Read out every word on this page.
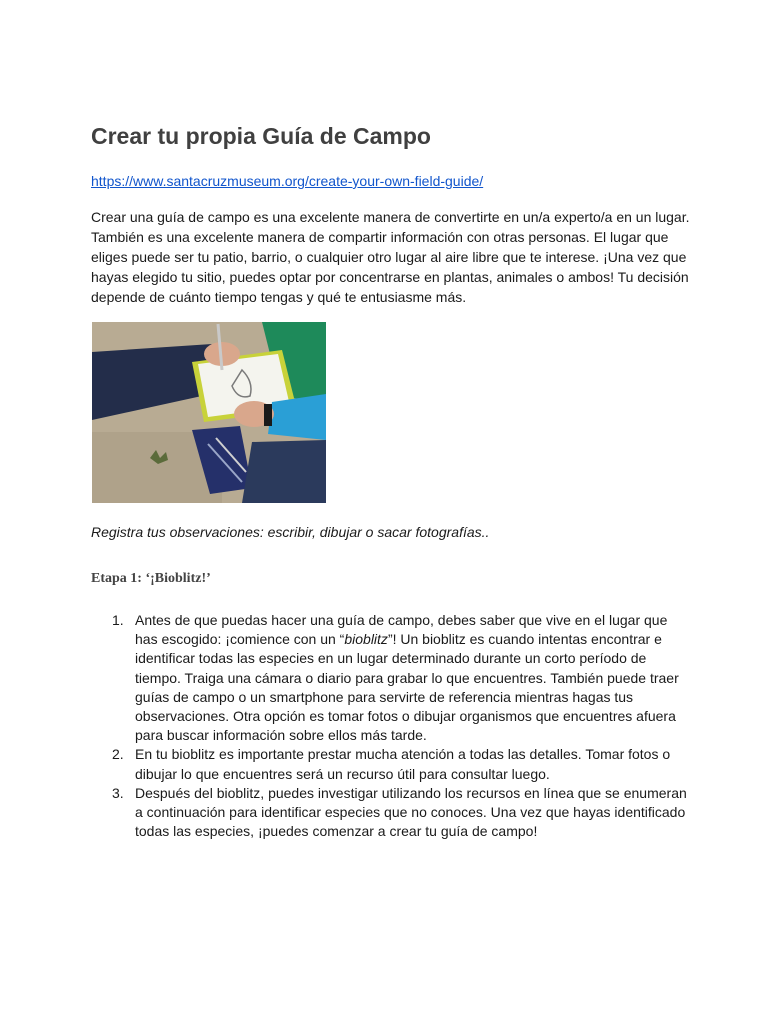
Crear tu propia Guía de Campo
https://www.santacruzmuseum.org/create-your-own-field-guide/

Crear una guía de campo es una excelente manera de convertirte en un/a experto/a en un lugar. También es una excelente manera de compartir información con otras personas. El lugar que eliges puede ser tu patio, barrio, o cualquier otro lugar al aire libre que te interese. ¡Una vez que hayas elegido tu sitio, puedes optar por concentrarse en plantas, animales o ambos! Tu decisión depende de cuánto tiempo tengas y qué te entusiasme más.

Registra tus observaciones: escribir, dibujar o sacar fotografías..

Etapa 1: ‘¡Bioblitz!’
1. Antes de que puedas hacer una guía de campo, debes saber que vive en el lugar que has escogido: ¡comience con un “bioblitz”! Un bioblitz es cuando intentas encontrar e identificar todas las especies en un lugar determinado durante un corto período de tiempo. Traiga una cámara o diario para grabar lo que encuentres. También puede traer guías de campo o un smartphone para servirte de referencia mientras hagas tus observaciones. Otra opción es tomar fotos o dibujar organismos que encuentres afuera para buscar información sobre ellos más tarde.
2. En tu bioblitz es importante prestar mucha atención a todas las detalles. Tomar fotos o dibujar lo que encuentres será un recurso útil para consultar luego.
3. Después del bioblitz, puedes investigar utilizando los recursos en línea que se enumeran a continuación para identificar especies que no conoces. Una vez que hayas identificado todas las especies, ¡puedes comenzar a crear tu guía de campo!
